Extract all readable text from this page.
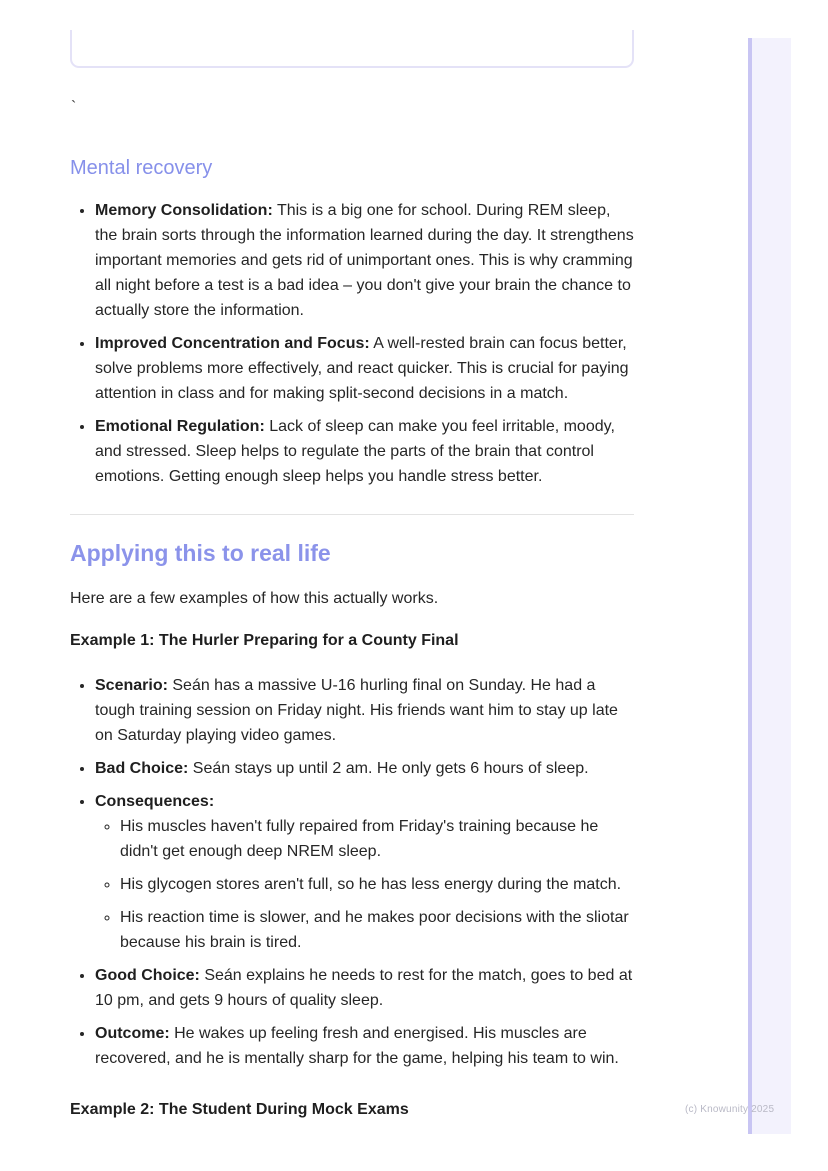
`
Mental recovery
• Memory Consolidation: This is a big one for school. During REM sleep, the brain sorts through the information learned during the day. It strengthens important memories and gets rid of unimportant ones. This is why cramming all night before a test is a bad idea – you don't give your brain the chance to actually store the information.
• Improved Concentration and Focus: A well-rested brain can focus better, solve problems more effectively, and react quicker. This is crucial for paying attention in class and for making split-second decisions in a match.
• Emotional Regulation: Lack of sleep can make you feel irritable, moody, and stressed. Sleep helps to regulate the parts of the brain that control emotions. Getting enough sleep helps you handle stress better.
Applying this to real life

Here are a few examples of how this actually works.

Example 1: The Hurler Preparing for a County Final

• Scenario: Seán has a massive U-16 hurling final on Sunday. He had a tough training session on Friday night. His friends want him to stay up late on Saturday playing video games.
• Bad Choice: Seán stays up until 2 am. He only gets 6 hours of sleep.
• Consequences:
◦ His muscles haven't fully repaired from Friday's training because he didn't get enough deep NREM sleep.
◦ His glycogen stores aren't full, so he has less energy during the match.
◦ His reaction time is slower, and he makes poor decisions with the sliotar because his brain is tired.
• Good Choice: Seán explains he needs to rest for the match, goes to bed at 10 pm, and gets 9 hours of quality sleep.
• Outcome: He wakes up feeling fresh and energised. His muscles are recovered, and he is mentally sharp for the game, helping his team to win.

Example 2: The Student During Mock Exams	(c) Knowunity 2025
